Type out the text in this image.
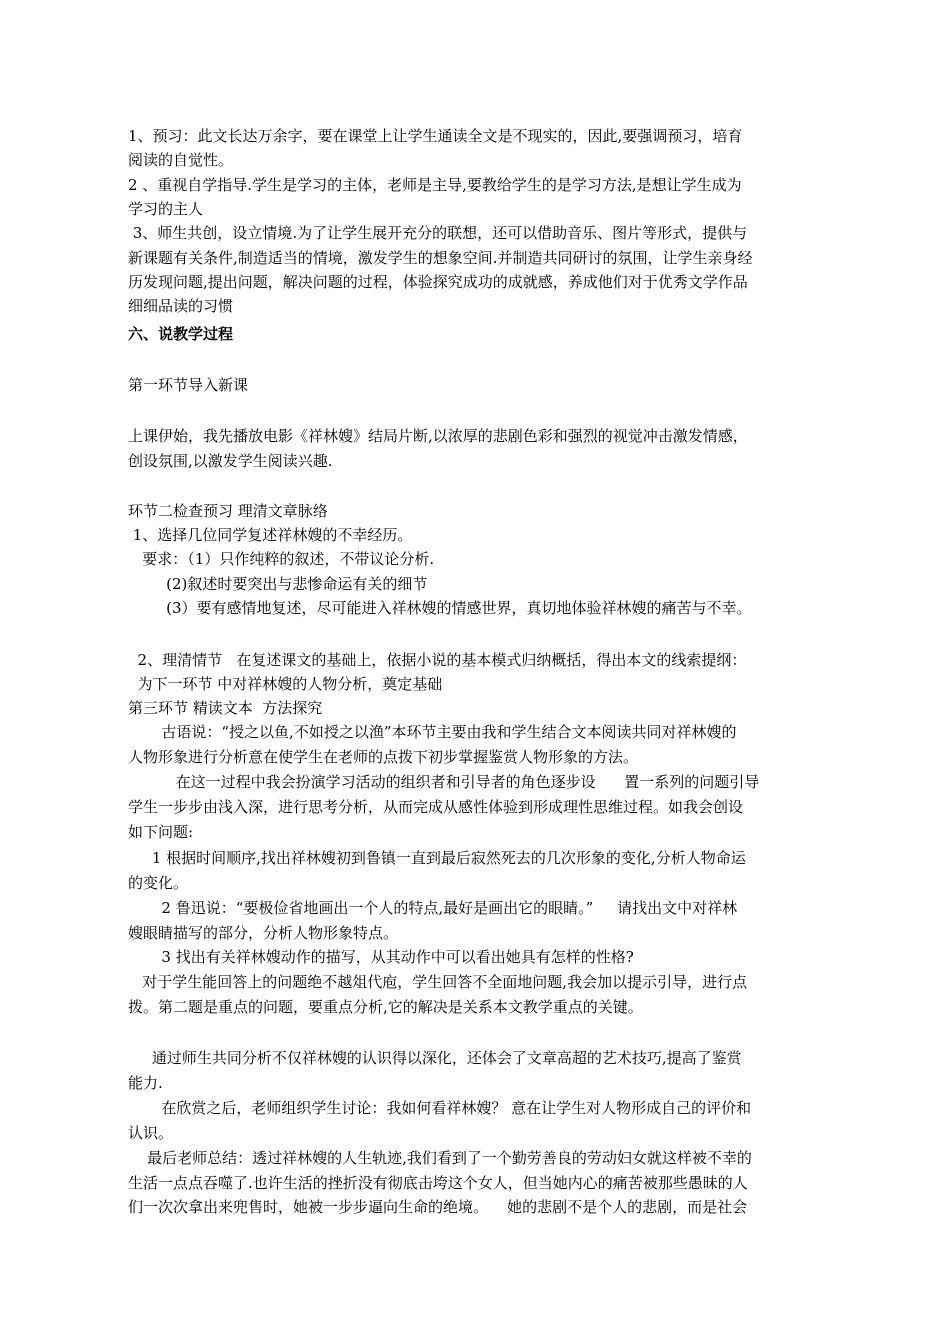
1、预习：此文长达万余字，要在课堂上让学生通读全文是不现实的，因此,要强调预习，培育
阅读的自觉性。
2 、重视自学指导.学生是学习的主体，老师是主导,要教给学生的是学习方法,是想让学生成为
学习的主人
3、师生共创，设立情境.为了让学生展开充分的联想，还可以借助音乐、图片等形式，提供与
新课题有关条件,制造适当的情境，激发学生的想象空间.并制造共同研讨的氛围，让学生亲身经
历发现问题,提出问题，解决问题的过程，体验探究成功的成就感，养成他们对于优秀文学作品
细细品读的习惯
六、说教学过程
第一环节导入新课
上课伊始，我先播放电影《祥林嫂》结局片断,以浓厚的悲剧色彩和强烈的视觉冲击激发情感，
创设氛围,以激发学生阅读兴趣.
环节二检查预习 理清文章脉络
1、选择几位同学复述祥林嫂的不幸经历。
要求：（1）只作纯粹的叙述，不带议论分析.
(2)叙述时要突出与悲惨命运有关的细节
(3）要有感情地复述，尽可能进入祥林嫂的情感世界，真切地体验祥林嫂的痛苦与不幸。
2、理清情节   在复述课文的基础上，依据小说的基本模式归纳概括，得出本文的线索提纲：
为下一环节 中对祥林嫂的人物分析，奠定基础
第三环节 精读文本  方法探究
古语说：“授之以鱼,不如授之以渔”本环节主要由我和学生结合文本阅读共同对祥林嫂的
人物形象进行分析意在使学生在老师的点拨下初步掌握鉴赏人物形象的方法。
在这一过程中我会扮演学习活动的组织者和引导者的角色逐步设      置一系列的问题引导
学生一步步由浅入深，进行思考分析，从而完成从感性体验到形成理性思维过程。如我会创设
如下问题:
1 根据时间顺序,找出祥林嫂初到鲁镇一直到最后寂然死去的几次形象的变化,分析人物命运
的变化。
2 鲁迅说：“要极俭省地画出一个人的特点,最好是画出它的眼睛。”     请找出文中对祥林
嫂眼睛描写的部分，分析人物形象特点。
3 找出有关祥林嫂动作的描写，从其动作中可以看出她具有怎样的性格?
对于学生能回答上的问题绝不越俎代庖，学生回答不全面地问题,我会加以提示引导，进行点
拨。第二题是重点的问题，要重点分析,它的解决是关系本文教学重点的关键。
通过师生共同分析不仅祥林嫂的认识得以深化，还体会了文章高超的艺术技巧,提高了鉴赏
能力.
在欣赏之后，老师组织学生讨论：我如何看祥林嫂？ 意在让学生对人物形成自己的评价和
认识。
最后老师总结：透过祥林嫂的人生轨迹,我们看到了一个勤劳善良的劳动妇女就这样被不幸的
生活一点点吞噬了.也许生活的挫折没有彻底击垮这个女人，但当她内心的痛苦被那些愚昧的人
们一次次拿出来兜售时，她被一步步逼向生命的绝境。    她的悲剧不是个人的悲剧，而是社会
